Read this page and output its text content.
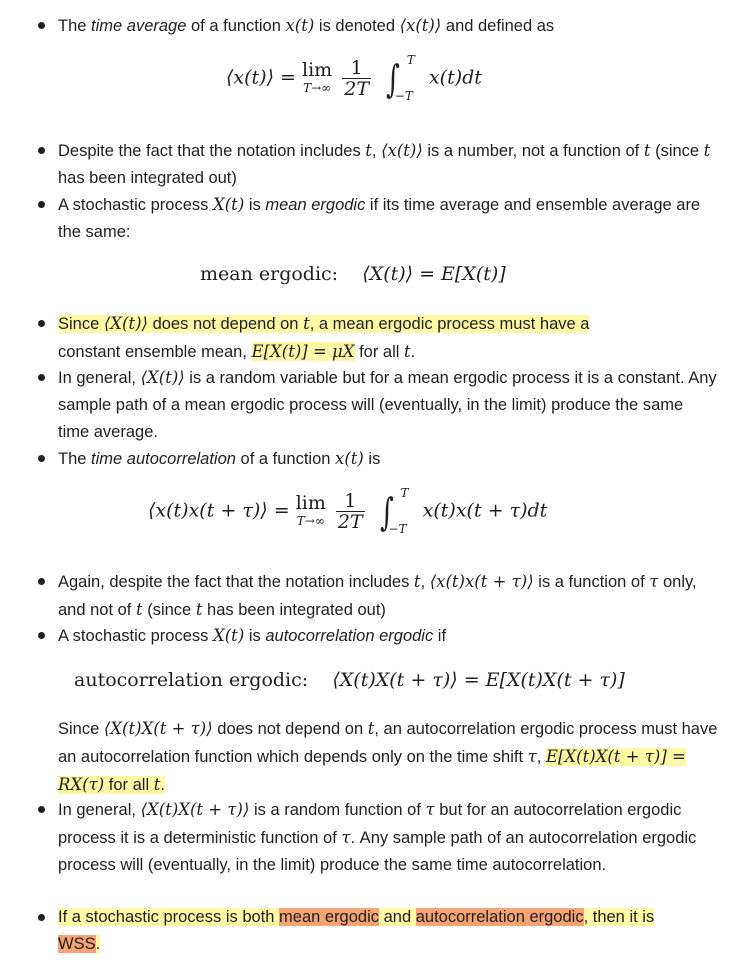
The time average of a function x(t) is denoted ⟨x(t)⟩ and defined as
⟨x(t)⟩ = lim
T→∞
$\frac{1}{2T}$ ∫ T
−T
x(t)dt
Despite the fact that the notation includes t, ⟨x(t)⟩ is a number, not a function of t (since t has been integrated out)
A stochastic process X(t) is mean ergodic if its time average and ensemble average are the same:
mean ergodic: ⟨X(t)⟩ = E[X(t)]
Since ⟨X(t)⟩ does not depend on t, a mean ergodic process must have a
constant ensemble mean, E[X(t)] = μX for all t.
In general, ⟨X(t)⟩ is a random variable but for a mean ergodic process it is a constant. Any sample path of a mean ergodic process will (eventually, in the limit) produce the same time average.
The time autocorrelation of a function x(t) is
⟨x(t)x(t + τ)⟩ = lim
T→∞
$\frac{1}{2T}$ ∫ T
−T
x(t)x(t + τ)dt
Again, despite the fact that the notation includes t, ⟨x(t)x(t + τ)⟩ is a function of τ only, and not of t (since t has been integrated out)
A stochastic process X(t) is autocorrelation ergodic if
autocorrelation ergodic: ⟨X(t)X(t + τ)⟩ = E[X(t)X(t + τ)]
Since ⟨X(t)X(t + τ)⟩ does not depend on t, an autocorrelation ergodic process must have an autocorrelation function which depends only on the time shift τ, E[X(t)X(t + τ)] = RX(τ) for all t.
In general, ⟨X(t)X(t + τ)⟩ is a random function of τ but for an autocorrelation ergodic process it is a deterministic function of τ. Any sample path of an autocorrelation ergodic process will (eventually, in the limit) produce the same time autocorrelation.
If a stochastic process is both mean ergodic and autocorrelation ergodic, then it is WSS.
